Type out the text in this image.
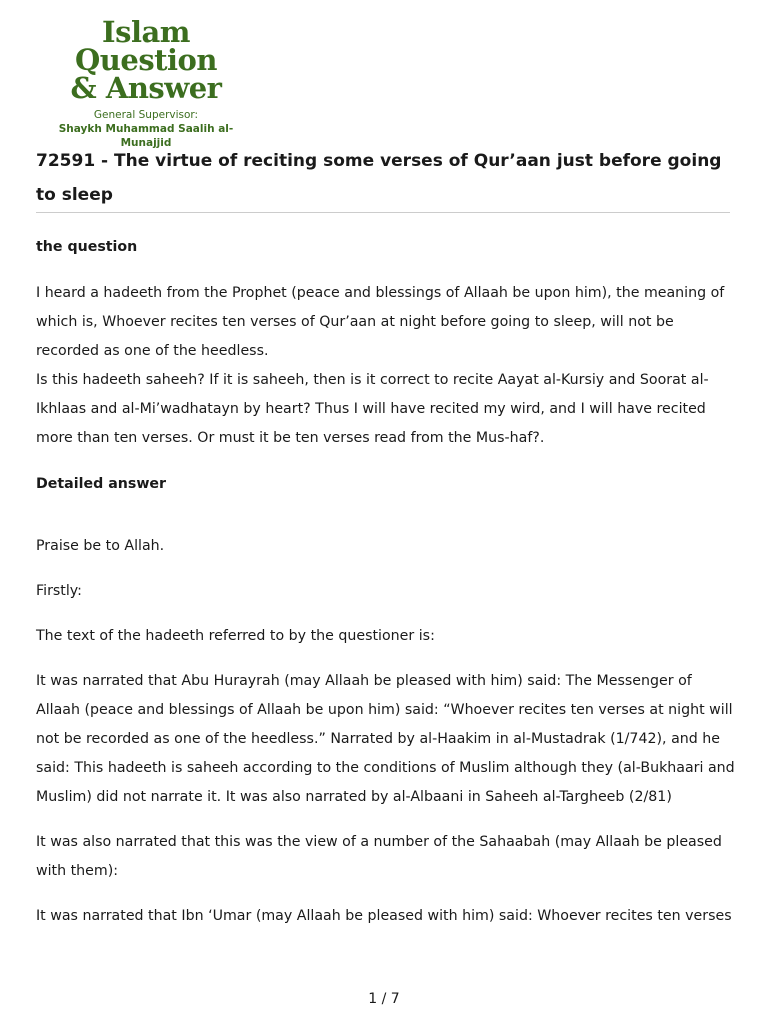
Islam Question
& Answer
General Supervisor:
Shaykh Muhammad Saalih al-Munajjid
72591 - The virtue of reciting some verses of Qur’aan just before going to sleep

the question

I heard a hadeeth from the Prophet (peace and blessings of Allaah be upon him), the meaning of which is, Whoever recites ten verses of Qur’aan at night before going to sleep, will not be recorded as one of the heedless.

Is this hadeeth saheeh? If it is saheeh, then is it correct to recite Aayat al-Kursiy and Soorat al-Ikhlaas and al-Mi’wadhatayn by heart? Thus I will have recited my wird, and I will have recited more than ten verses. Or must it be ten verses read from the Mus-haf?.

Detailed answer

Praise be to Allah.

Firstly:

The text of the hadeeth referred to by the questioner is:

It was narrated that Abu Hurayrah (may Allaah be pleased with him) said: The Messenger of Allaah (peace and blessings of Allaah be upon him) said: “Whoever recites ten verses at night will not be recorded as one of the heedless.” Narrated by al-Haakim in al-Mustadrak (1/742), and he said: This hadeeth is saheeh according to the conditions of Muslim although they (al-Bukhaari and Muslim) did not narrate it. It was also narrated by al-Albaani in Saheeh al-Targheeb (2/81)

It was also narrated that this was the view of a number of the Sahaabah (may Allaah be pleased with them):

It was narrated that Ibn ‘Umar (may Allaah be pleased with him) said: Whoever recites ten verses

1 / 7
